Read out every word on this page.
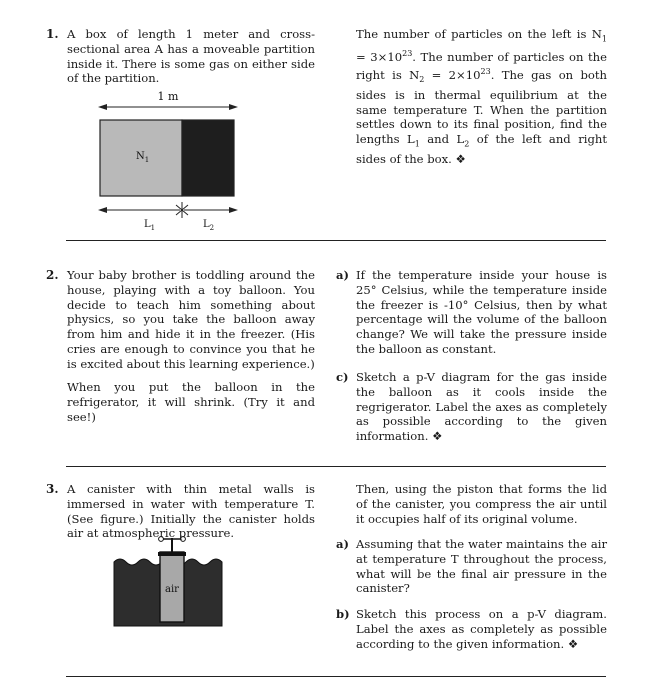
1. A box of length 1 meter and cross-sectional area A has a moveable partition inside it. There is some gas on either side of the partition.
1 m
$N_1$
$L_1$	$L_2$
The number of particles on the left is $N_1 = 3\times 10^{23}$. The number of particles on the right is $N_2 = 2\times 10^{23}$. The gas on both sides is in thermal equilibrium at the same temperature T. When the partition settles down to its final position, find the lengths $L_1$ and $L_2$ of the left and right sides of the box. ❖
2. Your baby brother is toddling around the house, playing with a toy balloon. You decide to teach him something about physics, so you take the balloon away from him and hide it in the freezer. (His cries are enough to convince you that he is excited about this learning experience.)
When you put the balloon in the refrigerator, it will shrink. (Try it and see!)
a) If the temperature inside your house is 25° Celsius, while the temperature inside the freezer is -10° Celsius, then by what percentage will the volume of the balloon change? We will take the pressure inside the balloon as constant.
c) Sketch a p-V diagram for the gas inside the balloon as it cools inside the regrigerator. Label the axes as completely as possible according to the given information. ❖
3. A canister with thin metal walls is immersed in water with temperature T. (See figure.) Initially the canister holds air at atmospheric pressure.
air
Then, using the piston that forms the lid of the canister, you compress the air until it occupies half of its original volume.
a) Assuming that the water maintains the air at temperature T throughout the process, what will be the final air pressure in the canister?
b) Sketch this process on a p-V diagram. Label the axes as completely as possible according to the given information. ❖
